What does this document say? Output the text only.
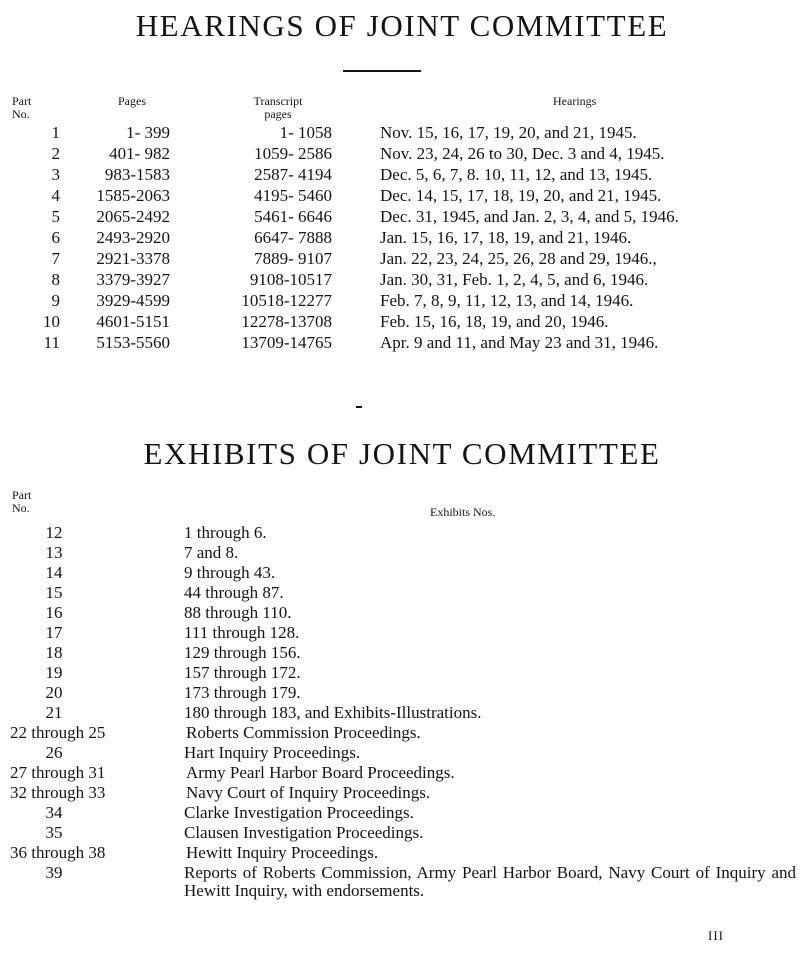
HEARINGS OF JOINT COMMITTEE
Part
No.
Pages	Transcript
pages
Hearings
1	1- 399	1- 1058	Nov. 15, 16, 17, 19, 20, and 21, 1945.
2	401- 982	1059- 2586	Nov. 23, 24, 26 to 30, Dec. 3 and 4, 1945.
3	983-1583	2587- 4194	Dec. 5, 6, 7, 8. 10, 11, 12, and 13, 1945.
4	1585-2063	4195- 5460	Dec. 14, 15, 17, 18, 19, 20, and 21, 1945.
5	2065-2492	5461- 6646	Dec. 31, 1945, and Jan. 2, 3, 4, and 5, 1946.
6	2493-2920	6647- 7888	Jan. 15, 16, 17, 18, 19, and 21, 1946.
7	2921-3378	7889- 9107	Jan. 22, 23, 24, 25, 26, 28 and 29, 1946.,
8	3379-3927	9108-10517	Jan. 30, 31, Feb. 1, 2, 4, 5, and 6, 1946.
9	3929-4599	10518-12277	Feb. 7, 8, 9, 11, 12, 13, and 14, 1946.
10	4601-5151	12278-13708	Feb. 15, 16, 18, 19, and 20, 1946.
11	5153-5560	13709-14765	Apr. 9 and 11, and May 23 and 31, 1946.
EXHIBITS OF JOINT COMMITTEE
Part
No.	Exhibits Nos.
12	1 through 6.
13	7 and 8.
14	9 through 43.
15	44 through 87.
16	88 through 110.
17	111 through 128.
18	129 through 156.
19	157 through 172.
20	173 through 179.
21	180 through 183, and Exhibits-Illustrations.
22 through 25	Roberts Commission Proceedings.
26	Hart Inquiry Proceedings.
27 through 31	Army Pearl Harbor Board Proceedings.
32 through 33	Navy Court of Inquiry Proceedings.
34	Clarke Investigation Proceedings.
35	Clausen Investigation Proceedings.
36 through 38	Hewitt Inquiry Proceedings.
39	Reports of Roberts Commission, Army Pearl Harbor Board, Navy Court of Inquiry and Hewitt Inquiry, with endorsements.
III
